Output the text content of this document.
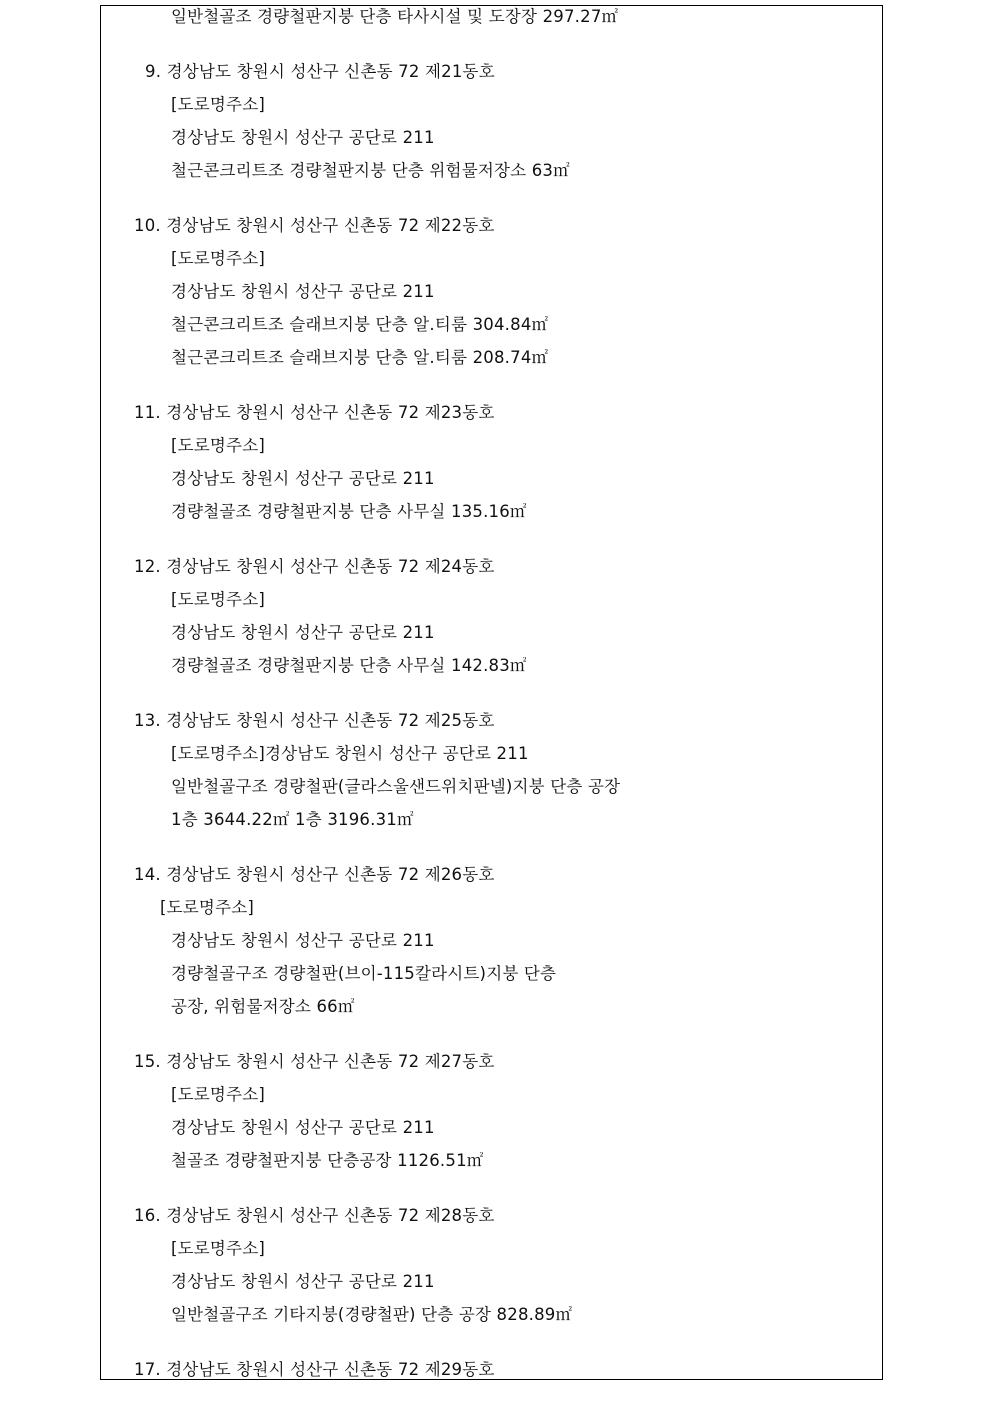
일반철골조 경량철판지붕 단층 타사시설 및 도장장 297.27㎡
9. 경상남도 창원시 성산구 신촌동 72 제21동호
[도로명주소]
경상남도 창원시 성산구 공단로 211
철근콘크리트조 경량철판지붕 단층 위험물저장소 63㎡
10. 경상남도 창원시 성산구 신촌동 72 제22동호
[도로명주소]
경상남도 창원시 성산구 공단로 211
철근콘크리트조 슬래브지붕 단층 알.티룸 304.84㎡
철근콘크리트조 슬래브지붕 단층 알.티룸 208.74㎡
11. 경상남도 창원시 성산구 신촌동 72 제23동호
[도로명주소]
경상남도 창원시 성산구 공단로 211
경량철골조 경량철판지붕 단층 사무실 135.16㎡
12. 경상남도 창원시 성산구 신촌동 72 제24동호
[도로명주소]
경상남도 창원시 성산구 공단로 211
경량철골조 경량철판지붕 단층 사무실 142.83㎡
13. 경상남도 창원시 성산구 신촌동 72 제25동호
[도로명주소]경상남도 창원시 성산구 공단로 211
일반철골구조 경량철판(글라스울샌드위치판넬)지붕 단층 공장
1층 3644.22㎡ 1층 3196.31㎡
14. 경상남도 창원시 성산구 신촌동 72 제26동호
[도로명주소]
경상남도 창원시 성산구 공단로 211
경량철골구조 경량철판(브이-115칼라시트)지붕 단층
공장, 위험물저장소 66㎡
15. 경상남도 창원시 성산구 신촌동 72 제27동호
[도로명주소]
경상남도 창원시 성산구 공단로 211
철골조 경량철판지붕 단층공장 1126.51㎡
16. 경상남도 창원시 성산구 신촌동 72 제28동호
[도로명주소]
경상남도 창원시 성산구 공단로 211
일반철골구조 기타지붕(경량철판) 단층 공장 828.89㎡
17. 경상남도 창원시 성산구 신촌동 72 제29동호
